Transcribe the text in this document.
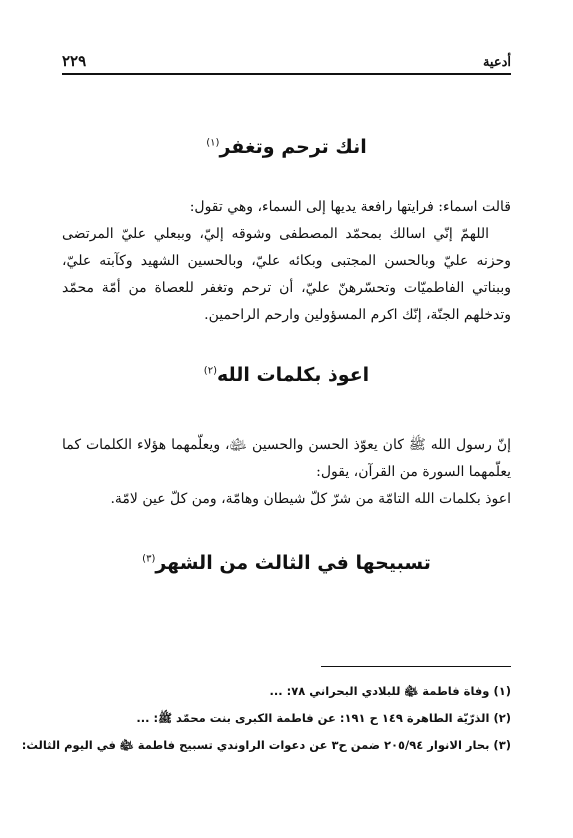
أدعية
٢٢٩
انك ترحم وتغفر$^{(١)}$

قالت اسماء: فرايتها رافعة يديها إلى السماء، وهي تقول:

اللهمّ إنّي اسالك بمحمّد المصطفى وشوقه إليّ، وببعلي عليّ المرتضى وحزنه عليّ وبالحسن المجتبى وبكائه عليّ، وبالحسين الشهيد وكآبته عليّ، وببناتي الفاطميّات وتحسّرهنّ عليّ، أن ترحم وتغفر للعصاة من أمّة محمّد وتدخلهم الجنّة، إنّك اكرم المسؤولين وارحم الراحمين.

اعوذ بكلمات الله$^{(٢)}$

إنّ رسول الله ﷺ كان يعوّذ الحسن والحسين ﵉، ويعلّمهما هؤلاء الكلمات كما يعلّمهما السورة من القرآن، يقول:

اعوذ بكلمات الله التامّة من شرّ كلّ شيطان وهامّة، ومن كلّ عين لامّة.

تسبيحها في الثالث من الشهر$^{(٣)}$
(١) وفاة فاطمة ﵍ للبلادي البحراني ٧٨: ...
(٢) الذرّيّة الطاهرة ١٤٩ ح ١٩١: عن فاطمة الكبرى بنت محمّد ﷺ: ...
(٣) بحار الانوار ٢٠٥/٩٤ ضمن ح٣ عن دعوات الراوندي تسبيح فاطمة ﵍ في اليوم الثالث:
